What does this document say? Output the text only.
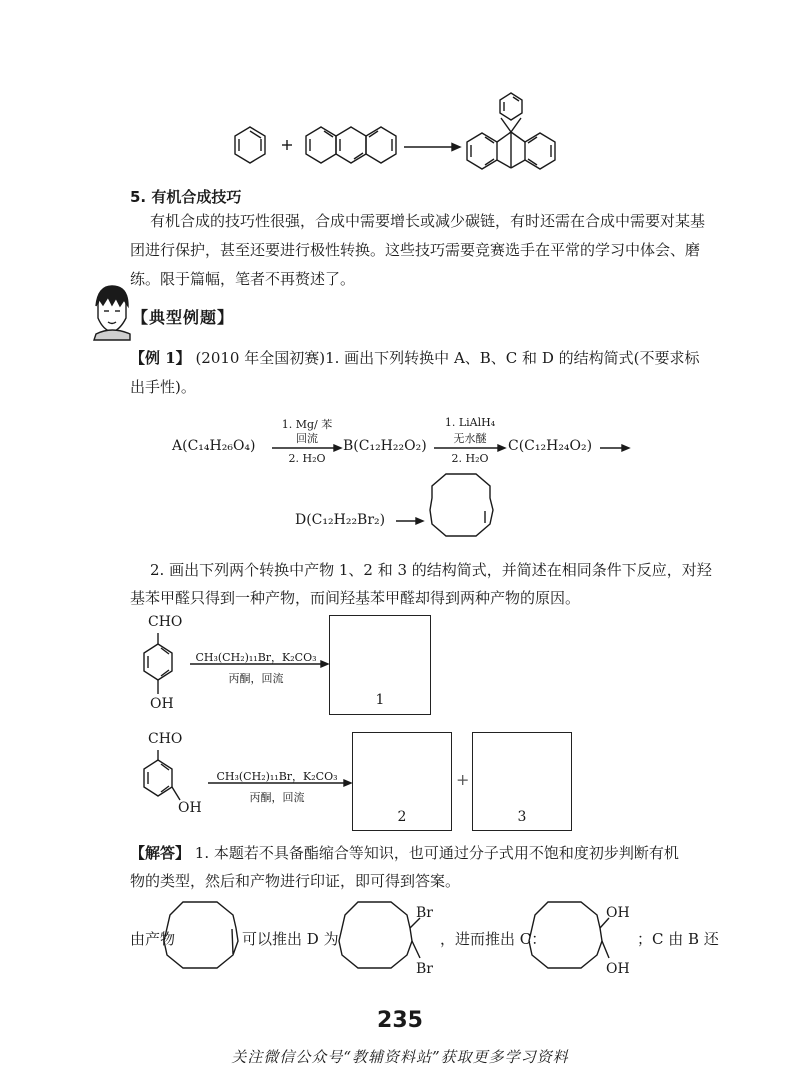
5. 有机合成技巧
有机合成的技巧性很强，合成中需要增长或减少碳链，有时还需在合成中需要对某基
团进行保护，甚至还要进行极性转换。这些技巧需要竞赛选手在平常的学习中体会、磨
练。限于篇幅，笔者不再赘述了。
【典型例题】
【例 1】 (2010 年全国初赛)1. 画出下列转换中 A、B、C 和 D 的结构简式(不要求标
出手性)。
A(C₁₄H₂₆O₄)
1. Mg/ 苯
回流
2. H₂O
B(C₁₂H₂₂O₂)
1. LiAlH₄
无水醚
2. H₂O
C(C₁₂H₂₄O₂)
D(C₁₂H₂₂Br₂)
2. 画出下列两个转换中产物 1、2 和 3 的结构简式，并简述在相同条件下反应，对羟
基苯甲醛只得到一种产物，而间羟基苯甲醛却得到两种产物的原因。
CHO
OH
CH₃(CH₂)₁₁Br，K₂CO₃
丙酮，回流
1
CHO
OH
CH₃(CH₂)₁₁Br，K₂CO₃
丙酮，回流
2
+
3
【解答】 1. 本题若不具备酯缩合等知识，也可通过分子式用不饱和度初步判断有机
物的类型，然后和产物进行印证，即可得到答案。
由产物	可以推出 D 为	，进而推出 C：	；C 由 B 还
Br
Br
OH
OH
235
关注微信公众号“教辅资料站”获取更多学习资料
